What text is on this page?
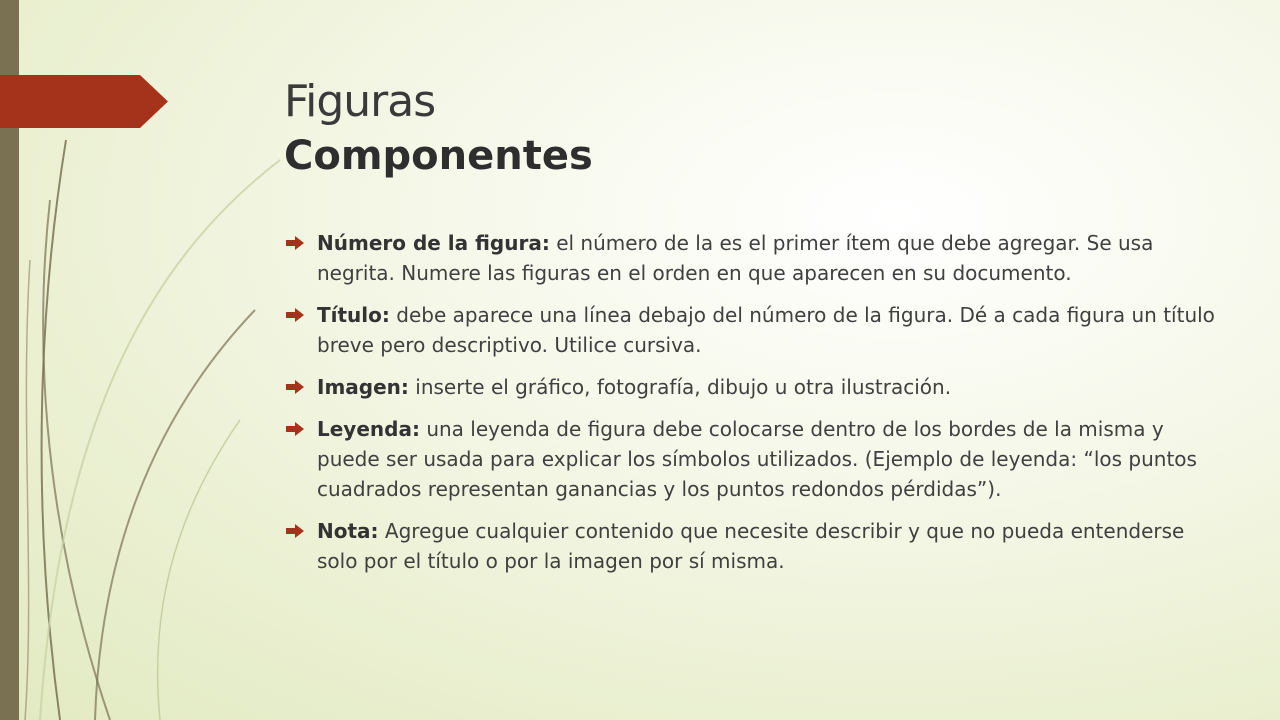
Figuras
Componentes
Número de la figura: el número de la es el primer ítem que debe agregar. Se usa negrita. Numere las figuras en el orden en que aparecen en su documento.
Título: debe aparece una línea debajo del número de la figura. Dé a cada figura un título breve pero descriptivo. Utilice cursiva.
Imagen: inserte el gráfico, fotografía, dibujo u otra ilustración.
Leyenda: una leyenda de figura debe colocarse dentro de los bordes de la misma y puede ser usada para explicar los símbolos utilizados. (Ejemplo de leyenda: “los puntos cuadrados representan ganancias y los puntos redondos pérdidas”).
Nota: Agregue cualquier contenido que necesite describir y que no pueda entenderse solo por el título o por la imagen por sí misma.
